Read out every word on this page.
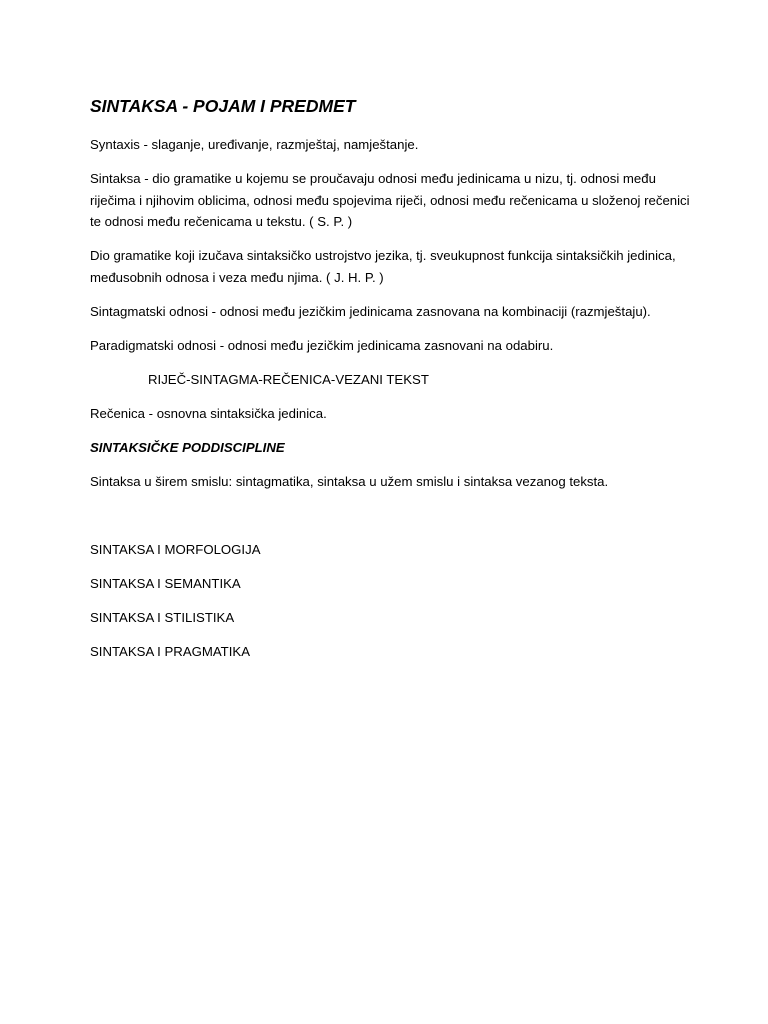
SINTAKSA - POJAM I PREDMET

Syntaxis - slaganje, uređivanje, razmještaj, namještanje.

Sintaksa - dio gramatike u kojemu se proučavaju odnosi među jedinicama u nizu, tj. odnosi među riječima i njihovim oblicima, odnosi među spojevima riječi, odnosi među rečenicama u složenoj rečenici te odnosi među rečenicama u tekstu. ( S. P. )

Dio gramatike koji izučava sintaksičko ustrojstvo jezika, tj. sveukupnost funkcija sintaksičkih jedinica, međusobnih odnosa i veza među njima. ( J. H. P. )

Sintagmatski odnosi - odnosi među jezičkim jedinicama zasnovana na kombinaciji (razmještaju).

Paradigmatski odnosi - odnosi među jezičkim jedinicama zasnovani na odabiru.

RIJEČ-SINTAGMA-REČENICA-VEZANI TEKST

Rečenica - osnovna sintaksička jedinica.

SINTAKSIČKE PODDISCIPLINE

Sintaksa u širem smislu: sintagmatika, sintaksa u užem smislu i sintaksa vezanog teksta.

SINTAKSA I MORFOLOGIJA

SINTAKSA I SEMANTIKA

SINTAKSA I STILISTIKA

SINTAKSA I PRAGMATIKA
